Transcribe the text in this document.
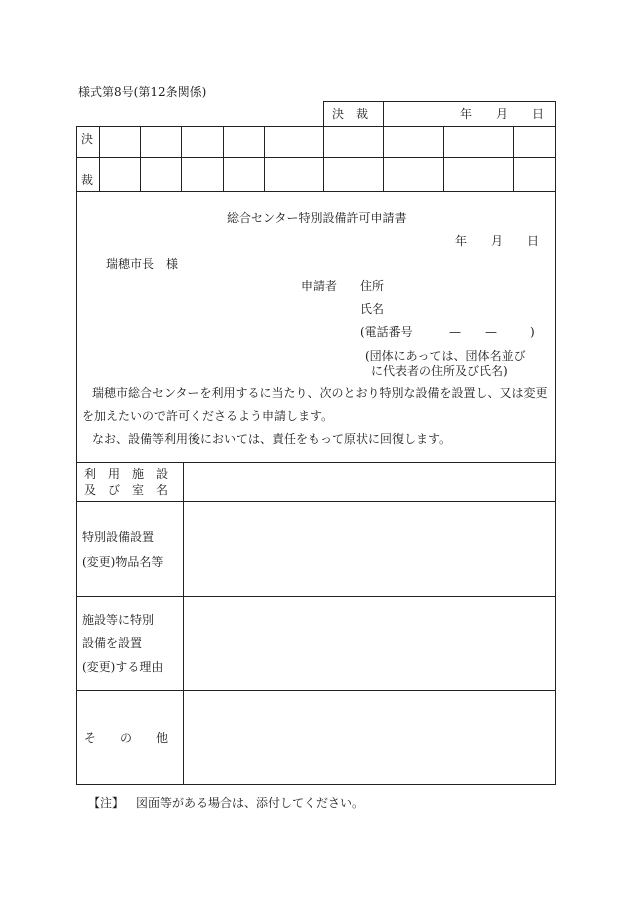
様式第8号(第12条関係)
決　裁	年 月 日
決
裁
総合センター特別設備許可申請書
年 月 日
瑞穂市長　様
申請者 住所
氏名
(電話番号	— —	)
(団体にあっては、団体名並び
に代表者の住所及び氏名)
瑞穂市総合センターを利用するに当たり、次のとおり特別な設備を設置し、又は変更
を加えたいので許可くださるよう申請します。
なお、設備等利用後においては、責任をもって原状に回復します。
利　用　施　設
及　び　室　名
特別設備設置
(変更)物品名等
施設等に特別
設備を設置
(変更)する理由
そ　　の　　他
【注】 図面等がある場合は、添付してください。
